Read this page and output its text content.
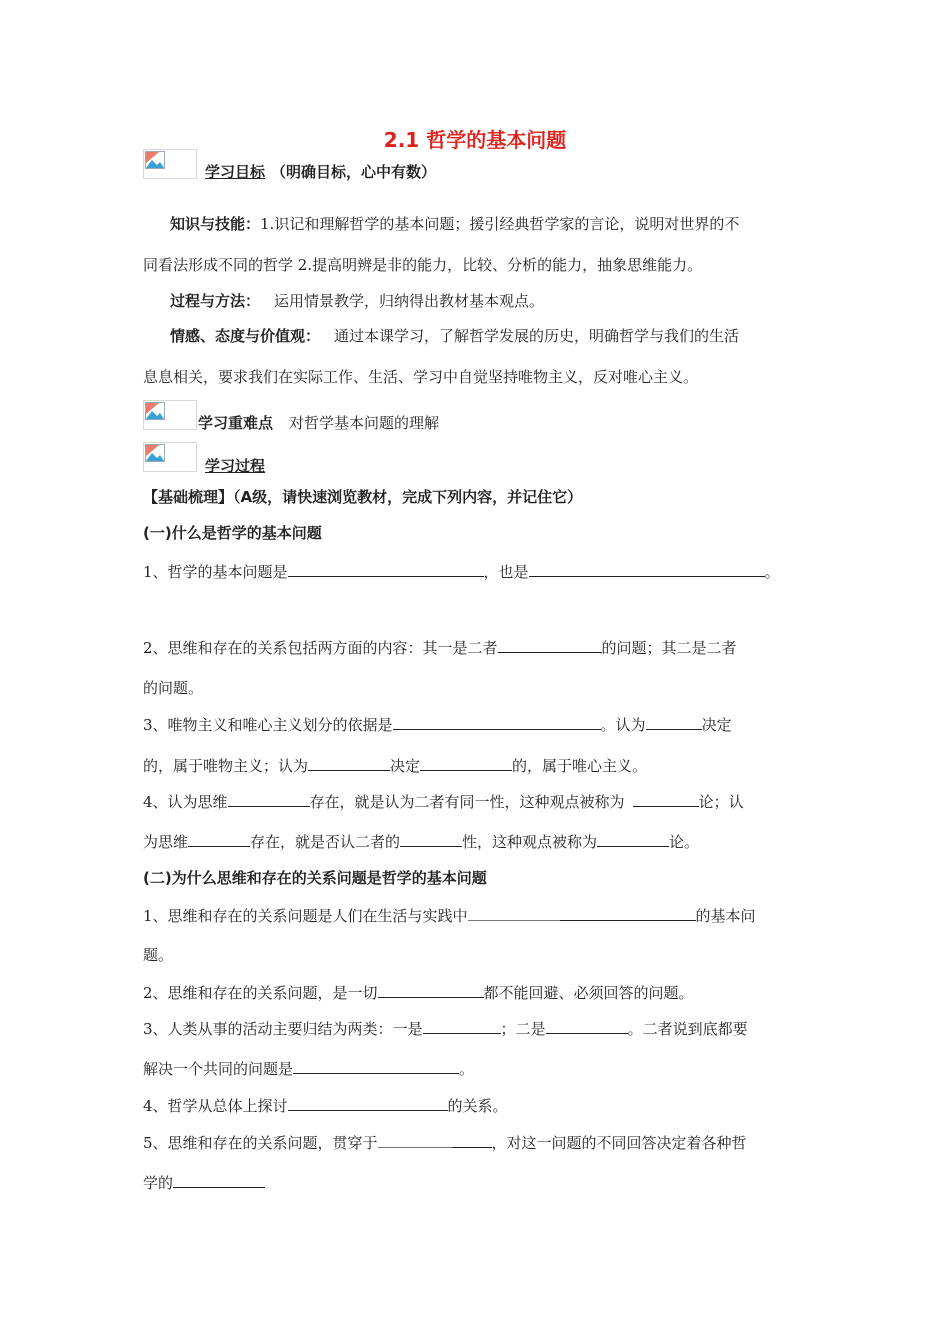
2.1 哲学的基本问题
学习目标 （明确目标，心中有数）
知识与技能：1.识记和理解哲学的基本问题；援引经典哲学家的言论，说明对世界的不
同看法形成不同的哲学 2.提高明辨是非的能力，比较、分析的能力，抽象思维能力。
过程与方法： 运用情景教学，归纳得出教材基本观点。
情感、态度与价值观： 通过本课学习，了解哲学发展的历史，明确哲学与我们的生活
息息相关，要求我们在实际工作、生活、学习中自觉坚持唯物主义，反对唯心主义。
学习重难点 对哲学基本问题的理解
学习过程
【基础梳理】（A级，请快速浏览教材，完成下列内容，并记住它）
(一)什么是哲学的基本问题
1、哲学的基本问题是	，也是	。
2、思维和存在的关系包括两方面的内容：其一是二者	的问题；其二是二者
的问题。
3、唯物主义和唯心主义划分的依据是	。认为	决定
的，属于唯物主义；认为	决定	的，属于唯心主义。
4、认为思维	存在，就是认为二者有同一性，这种观点被称为	论；认
为思维	存在，就是否认二者的	性，这种观点被称为	论。
(二)为什么思维和存在的关系问题是哲学的基本问题
1、思维和存在的关系问题是人们在生活与实践中	的基本问
题。
2、思维和存在的关系问题，是一切	都不能回避、必须回答的问题。
3、人类从事的活动主要归结为两类：一是	；二是	。二者说到底都要
解决一个共同的问题是	。
4、哲学从总体上探讨	的关系。
5、思维和存在的关系问题，贯穿于	，对这一问题的不同回答决定着各种哲
学的
